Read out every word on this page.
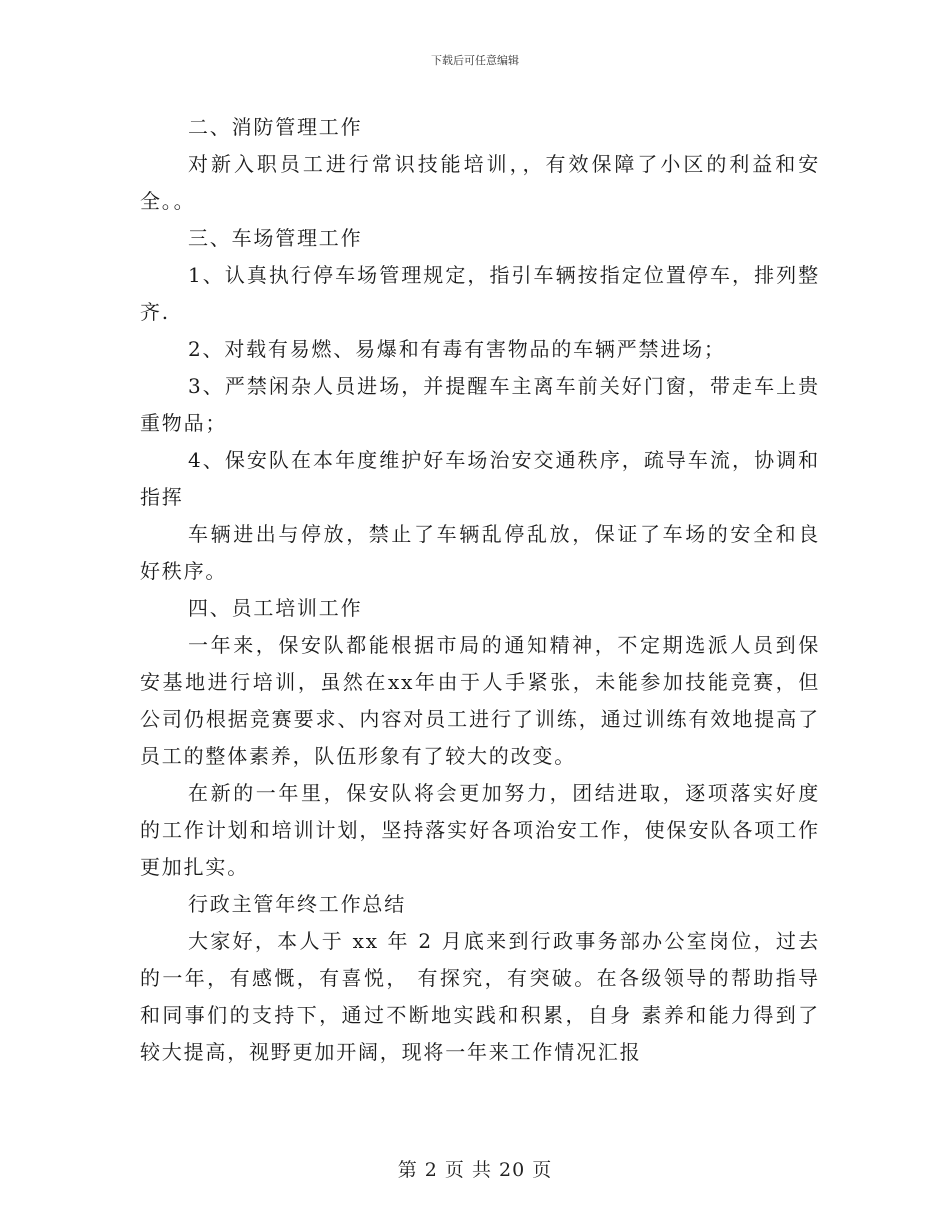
下载后可任意编辑

二、消防管理工作

对新入职员工进行常识技能培训，，有效保障了小区的利益和安全。。

三、车场管理工作

1、认真执行停车场管理规定，指引车辆按指定位置停车，排列整齐.

2、对载有易燃、易爆和有毒有害物品的车辆严禁进场；

3、严禁闲杂人员进场，并提醒车主离车前关好门窗，带走车上贵重物品；

4、保安队在本年度维护好车场治安交通秩序，疏导车流，协调和指挥

车辆进出与停放，禁止了车辆乱停乱放，保证了车场的安全和良好秩序。

四、员工培训工作

一年来，保安队都能根据市局的通知精神，不定期选派人员到保安基地进行培训，虽然在xx年由于人手紧张，未能参加技能竞赛，但公司仍根据竞赛要求、内容对员工进行了训练，通过训练有效地提高了员工的整体素养，队伍形象有了较大的改变。

在新的一年里，保安队将会更加努力，团结进取，逐项落实好度的工作计划和培训计划，坚持落实好各项治安工作，使保安队各项工作更加扎实。

行政主管年终工作总结

大家好，本人于 xx 年 2 月底来到行政事务部办公室岗位，过去的一年，有感慨，有喜悦， 有探究，有突破。在各级领导的帮助指导和同事们的支持下，通过不断地实践和积累，自身 素养和能力得到了较大提高，视野更加开阔，现将一年来工作情况汇报

第 2 页 共 20 页
